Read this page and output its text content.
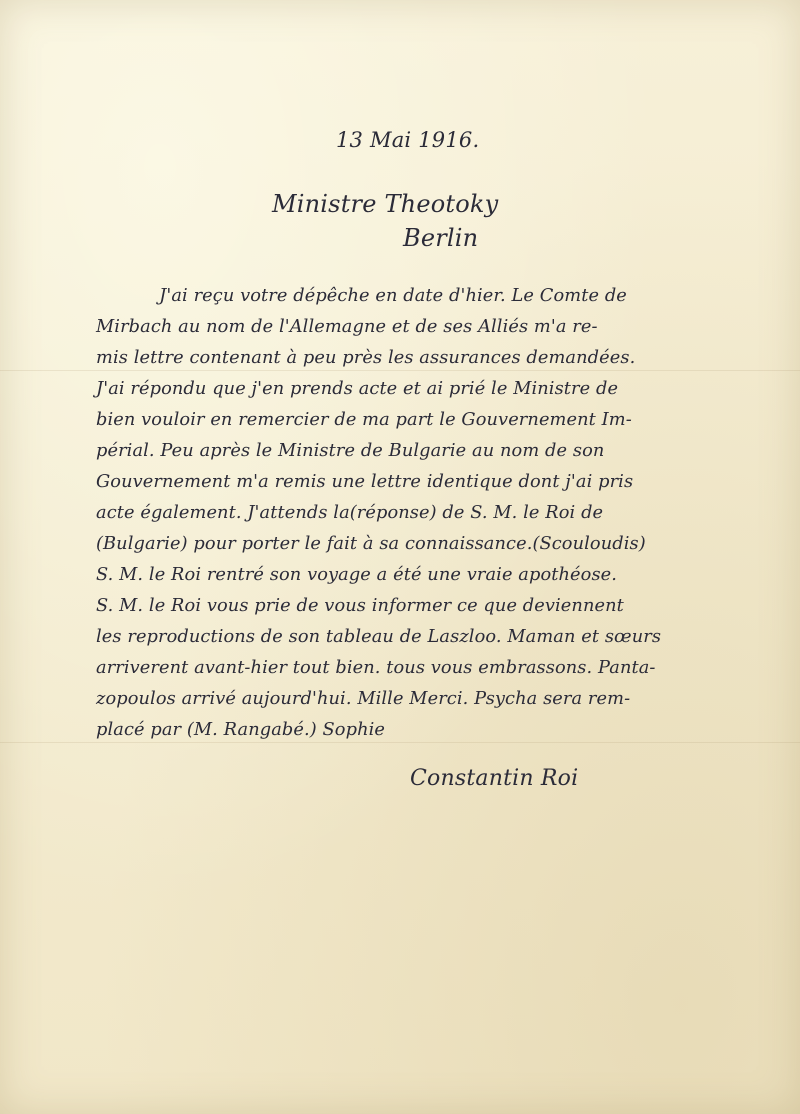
13 Mai 1916.
Ministre Theotoky
Berlin
J'ai reçu votre dépêche en date d'hier. Le Comte de
Mirbach au nom de l'Allemagne et de ses Alliés m'a re-
mis lettre contenant à peu près les assurances demandées.
J'ai répondu que j'en prends acte et ai prié le Ministre de
bien vouloir en remercier de ma part le Gouvernement Im-
périal. Peu après le Ministre de Bulgarie au nom de son
Gouvernement m'a remis une lettre identique dont j'ai pris
acte également. J'attends la(réponse) de S. M. le Roi de
(Bulgarie) pour porter le fait à sa connaissance.(Scouloudis)
S. M. le Roi rentré son voyage a été une vraie apothéose.
S. M. le Roi vous prie de vous informer ce que deviennent
les reproductions de son tableau de Laszloo. Maman et sœurs
arriverent avant-hier tout bien. tous vous embrassons. Panta-
zopoulos arrivé aujourd'hui. Mille Merci. Psycha sera rem-
placé par (M. Rangabé.) Sophie
Constantin Roi
